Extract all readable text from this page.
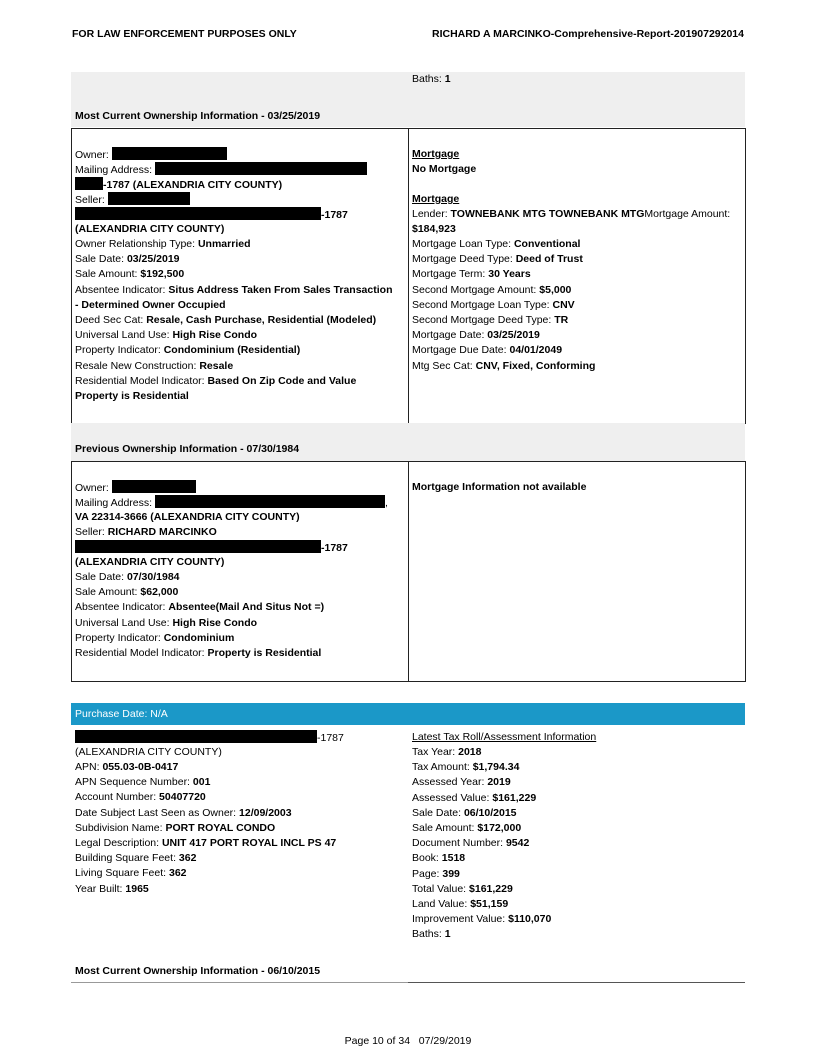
FOR LAW ENFORCEMENT PURPOSES ONLY	RICHARD A MARCINKO-Comprehensive-Report-201907292014
Baths: 1
Most Current Ownership Information - 03/25/2019
Owner:
Mailing Address:
-1787 (ALEXANDRIA CITY COUNTY)
Seller:
-1787
(ALEXANDRIA CITY COUNTY)
Owner Relationship Type: Unmarried
Sale Date: 03/25/2019
Sale Amount: $192,500
Absentee Indicator: Situs Address Taken From Sales Transaction
- Determined Owner Occupied
Deed Sec Cat: Resale, Cash Purchase, Residential (Modeled)
Universal Land Use: High Rise Condo
Property Indicator: Condominium (Residential)
Resale New Construction: Resale
Residential Model Indicator: Based On Zip Code and Value
Property is Residential
Mortgage
No Mortgage
Mortgage
Lender: TOWNEBANK MTG TOWNEBANK MTGMortgage Amount:
$184,923
Mortgage Loan Type: Conventional
Mortgage Deed Type: Deed of Trust
Mortgage Term: 30 Years
Second Mortgage Amount: $5,000
Second Mortgage Loan Type: CNV
Second Mortgage Deed Type: TR
Mortgage Date: 03/25/2019
Mortgage Due Date: 04/01/2049
Mtg Sec Cat: CNV, Fixed, Conforming
Previous Ownership Information - 07/30/1984
Owner:
Mailing Address:	,
VA 22314-3666 (ALEXANDRIA CITY COUNTY)
Seller: RICHARD MARCINKO
-1787
(ALEXANDRIA CITY COUNTY)
Sale Date: 07/30/1984
Sale Amount: $62,000
Absentee Indicator: Absentee(Mail And Situs Not =)
Universal Land Use: High Rise Condo
Property Indicator: Condominium
Residential Model Indicator: Property is Residential
Mortgage Information not available
Purchase Date: N/A
-1787
(ALEXANDRIA CITY COUNTY)
APN: 055.03-0B-0417
APN Sequence Number: 001
Account Number: 50407720
Date Subject Last Seen as Owner: 12/09/2003
Subdivision Name: PORT ROYAL CONDO
Legal Description: UNIT 417 PORT ROYAL INCL PS 47
Building Square Feet: 362
Living Square Feet: 362
Year Built: 1965
Latest Tax Roll/Assessment Information
Tax Year: 2018
Tax Amount: $1,794.34
Assessed Year: 2019
Assessed Value: $161,229
Sale Date: 06/10/2015
Sale Amount: $172,000
Document Number: 9542
Book: 1518
Page: 399
Total Value: $161,229
Land Value: $51,159
Improvement Value: $110,070
Baths: 1
Most Current Ownership Information - 06/10/2015
Page 10 of 34 07/29/2019
